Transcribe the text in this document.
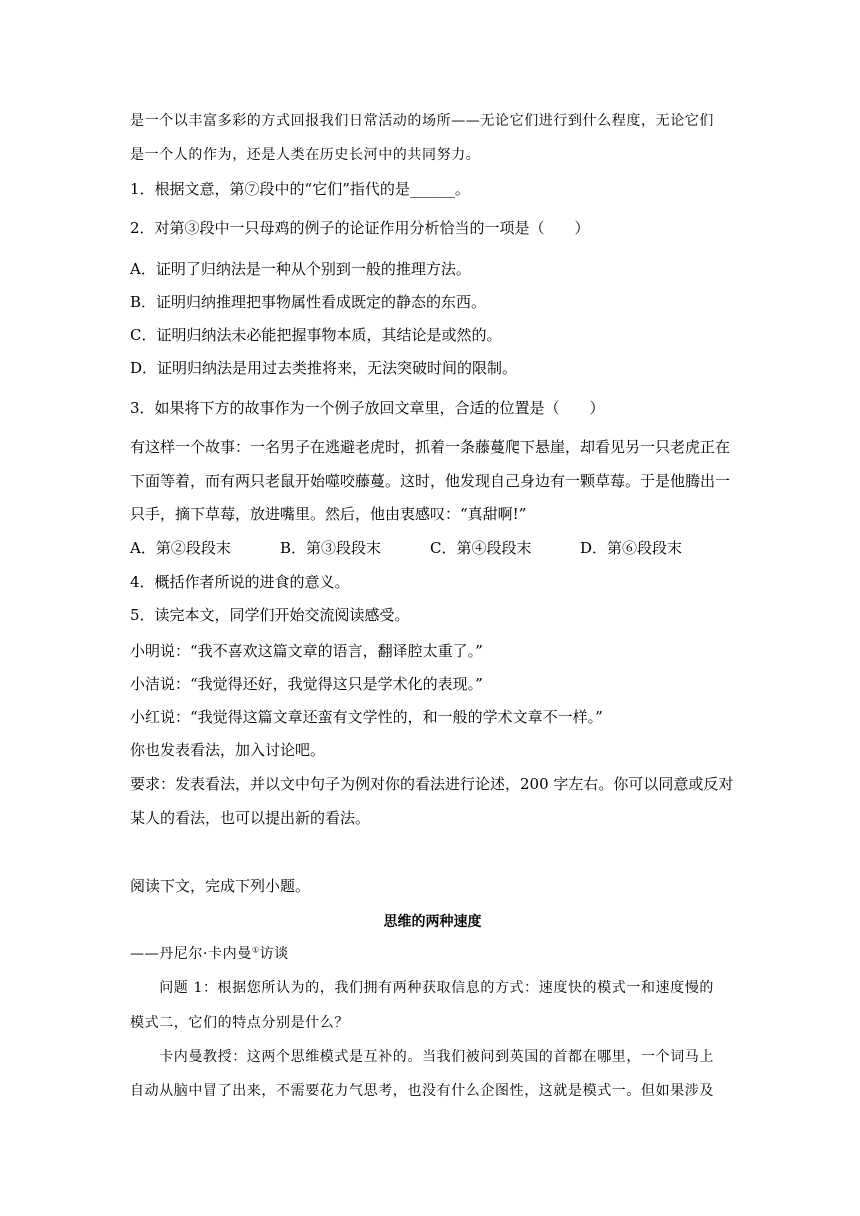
是一个以丰富多彩的方式回报我们日常活动的场所——无论它们进行到什么程度，无论它们
是一个人的作为，还是人类在历史长河中的共同努力。
1．根据文意，第⑦段中的“它们”指代的是______。
2．对第③段中一只母鸡的例子的论证作用分析恰当的一项是（　　）
A．证明了归纳法是一种从个别到一般的推理方法。
B．证明归纳推理把事物属性看成既定的静态的东西。
C．证明归纳法未必能把握事物本质，其结论是或然的。
D．证明归纳法是用过去类推将来，无法突破时间的限制。
3．如果将下方的故事作为一个例子放回文章里，合适的位置是（　　）
有这样一个故事：一名男子在逃避老虎时，抓着一条藤蔓爬下悬崖，却看见另一只老虎正在
下面等着，而有两只老鼠开始噬咬藤蔓。这时，他发现自己身边有一颗草莓。于是他腾出一
只手，摘下草莓，放进嘴里。然后，他由衷感叹：“真甜啊!”
A．第②段段末	B．第③段段末	C．第④段段末	D．第⑥段段末
4．概括作者所说的进食的意义。
5．读完本文，同学们开始交流阅读感受。
小明说：“我不喜欢这篇文章的语言，翻译腔太重了。”
小洁说：“我觉得还好，我觉得这只是学术化的表现。”
小红说：“我觉得这篇文章还蛮有文学性的，和一般的学术文章不一样。”
你也发表看法，加入讨论吧。
要求：发表看法，并以文中句子为例对你的看法进行论述，200 字左右。你可以同意或反对
某人的看法，也可以提出新的看法。
阅读下文，完成下列小题。
思维的两种速度
——丹尼尔·卡内曼①访谈
　　问题 1：根据您所认为的，我们拥有两种获取信息的方式：速度快的模式一和速度慢的
模式二，它们的特点分别是什么？
　　卡内曼教授：这两个思维模式是互补的。当我们被问到英国的首都在哪里，一个词马上
自动从脑中冒了出来，不需要花力气思考，也没有什么企图性，这就是模式一。但如果涉及
